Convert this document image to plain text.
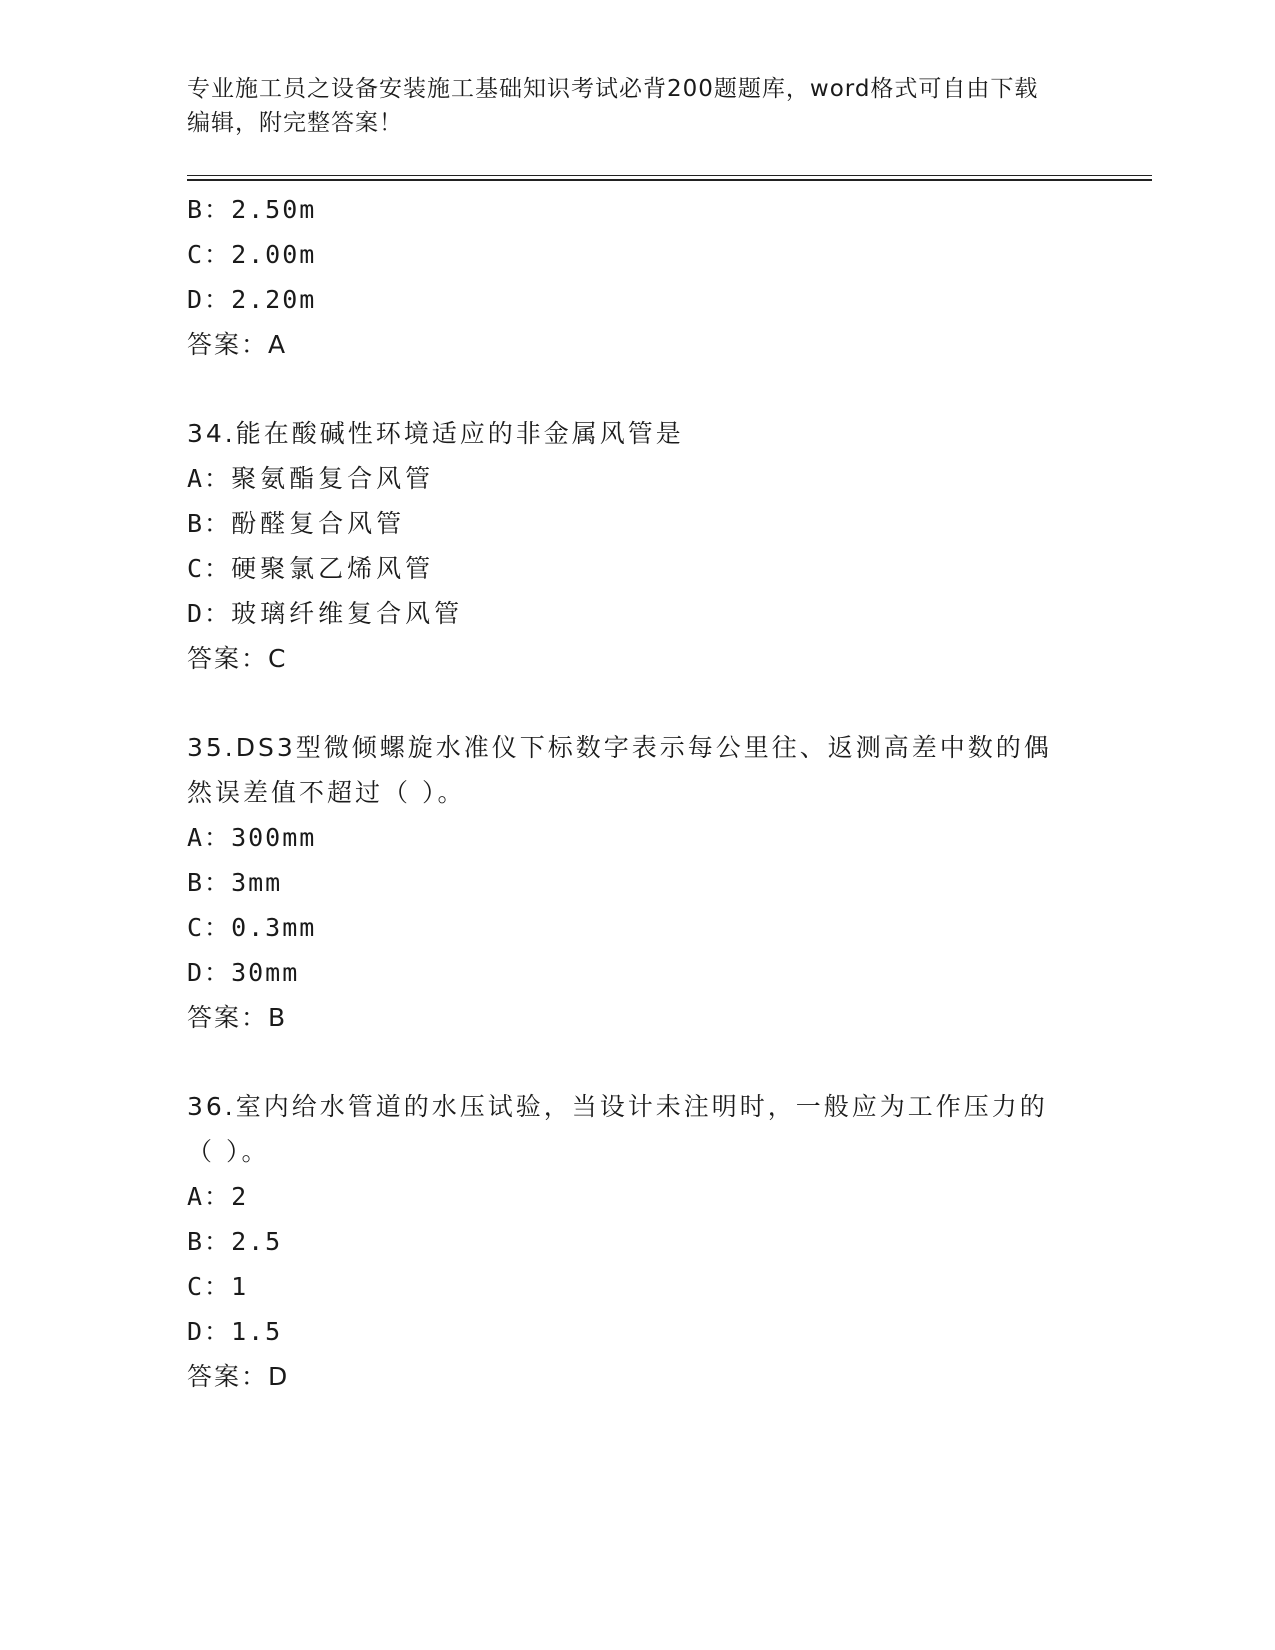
专业施工员之设备安装施工基础知识考试必背200题题库，word格式可自由下载
编辑，附完整答案！
B：2.50m
C：2.00m
D：2.20m
答案：A
34.能在酸碱性环境适应的非金属风管是
A：聚氨酯复合风管
B：酚醛复合风管
C：硬聚氯乙烯风管
D：玻璃纤维复合风管
答案：C
35.DS3型微倾螺旋水准仪下标数字表示每公里往、返测高差中数的偶
然误差值不超过（ ）。
A：300mm
B：3mm
C：0.3mm
D：30mm
答案：B
36.室内给水管道的水压试验，当设计未注明时，一般应为工作压力的
（ ）。
A：2
B：2.5
C：1
D：1.5
答案：D
